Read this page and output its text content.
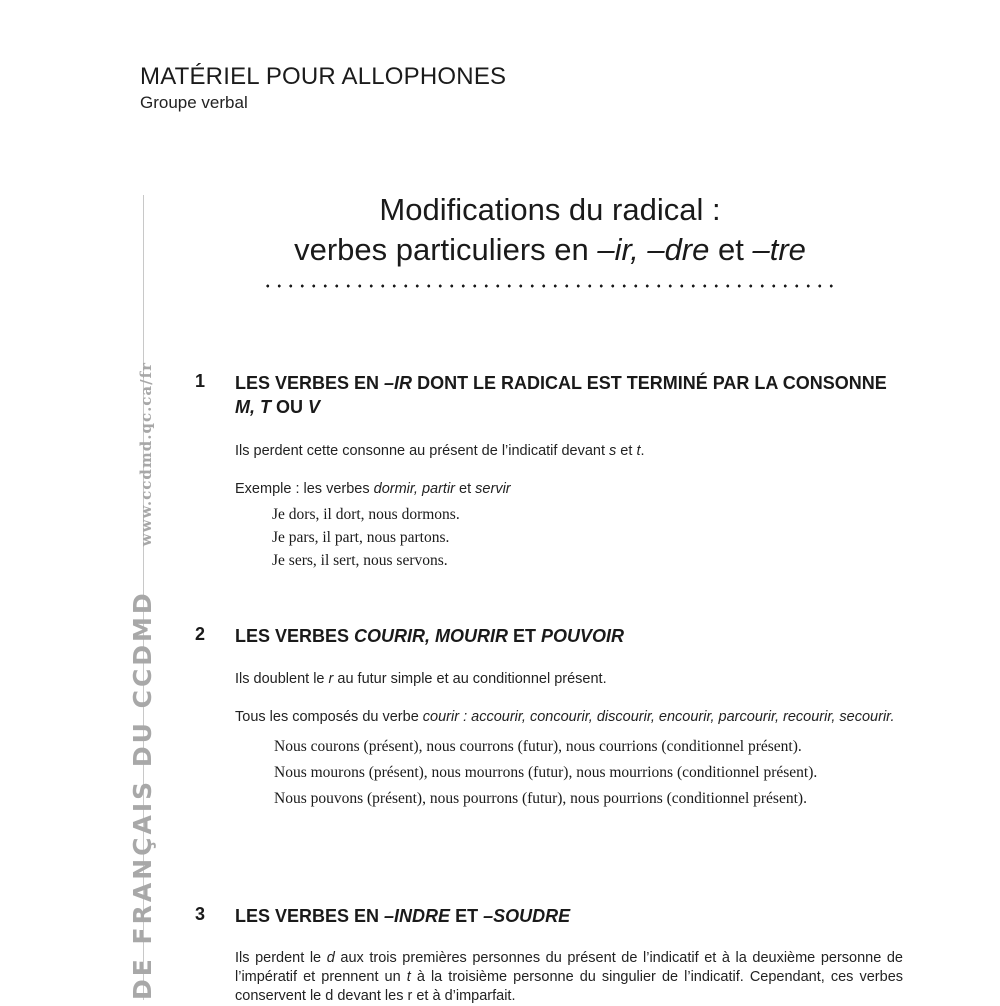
MATÉRIEL POUR ALLOPHONES
Groupe verbal
DE FRANÇAIS DU CCDMDwww.ccdmd.qc.ca/fr
Modifications du radical :
verbes particuliers en –ir, –dre et –tre
1 LES VERBES EN –IR DONT LE RADICAL EST TERMINÉ PAR LA CONSONNE
M, T OU V
Ils perdent cette consonne au présent de l’indicatif devant s et t.
Exemple : les verbes dormir, partir et servir
Je dors, il dort, nous dormons.
Je pars, il part, nous partons.
Je sers, il sert, nous servons.
2 LES VERBES COURIR, MOURIR ET POUVOIR
Ils doublent le r au futur simple et au conditionnel présent.
Tous les composés du verbe courir : accourir, concourir, discourir, encourir, parcourir, recourir, secourir.
Nous courons (présent), nous courrons (futur), nous courrions (conditionnel présent).
Nous mourons (présent), nous mourrons (futur), nous mourrions (conditionnel présent).
Nous pouvons (présent), nous pourrons (futur), nous pourrions (conditionnel présent).
3 LES VERBES EN –INDRE ET –SOUDRE
Ils perdent le d aux trois premières personnes du présent de l’indicatif et à la deuxième personne de l’impératif et prennent un t à la troisième personne du singulier de l’indicatif. Cependant, ces verbes conservent le d devant les r et à d’imparfait.
